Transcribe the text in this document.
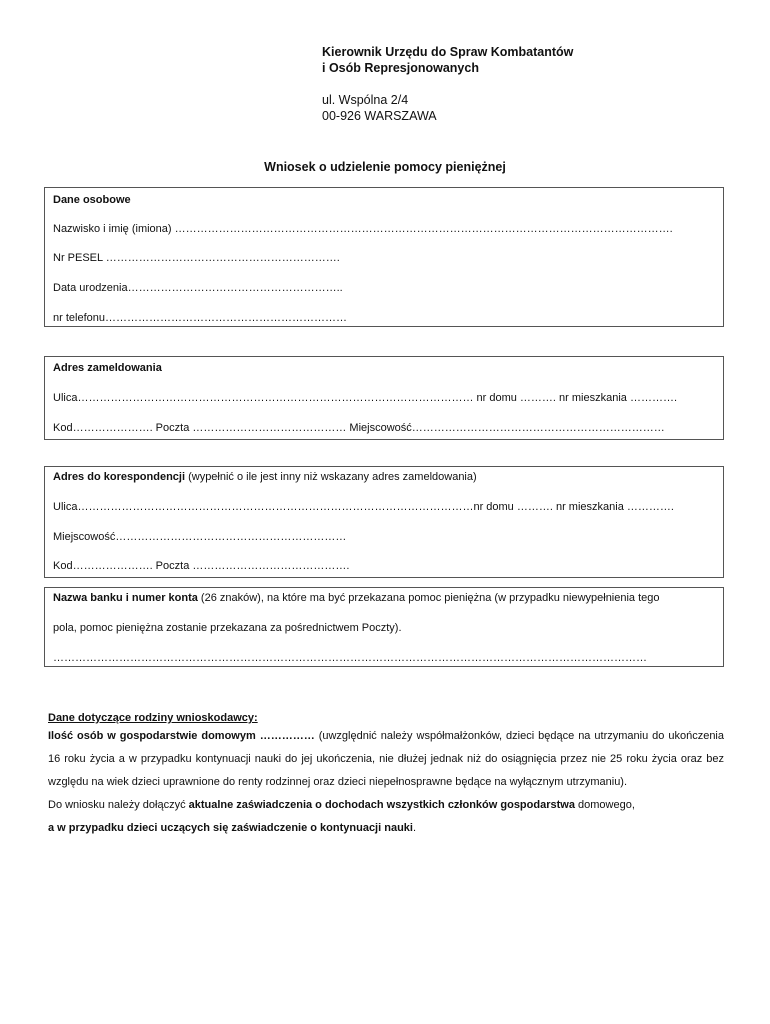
Kierownik Urzędu do Spraw Kombatantów
i Osób Represjonowanych
ul. Wspólna 2/4
00-926 WARSZAWA
Wniosek o udzielenie pomocy pieniężnej
Dane osobowe
Nazwisko i imię (imiona) ……………………………………………………………………………………………………………………….
Nr PESEL ……………………………………………………….
Data urodzenia…………………………………………………..
nr telefonu…………………………………………………………
Adres zameldowania
Ulica……………………………………………………………………………………………… nr domu ………. nr mieszkania ………….
Kod…………………. Poczta …………………………………… Miejscowość……………………………………………………………
Adres do korespondencji (wypełnić o ile jest inny niż wskazany adres zameldowania)
Ulica………………………………………………………………………………………………nr domu ………. nr mieszkania ………….
Miejscowość………………………………………………………
Kod…………………. Poczta …………………………………….
Nazwa banku i numer konta (26 znaków), na które ma być przekazana pomoc pieniężna (w przypadku niewypełnienia tego
pola, pomoc pieniężna zostanie przekazana za pośrednictwem Poczty).
………………………………………………………………………………………………………………………………………………
Dane dotyczące rodziny wnioskodawcy:

Ilość osób w gospodarstwie domowym …………… (uwzględnić należy współmałżonków, dzieci będące na utrzymaniu do ukończenia 16 roku życia a w przypadku kontynuacji nauki do jej ukończenia, nie dłużej jednak niż do osiągnięcia przez nie 25 roku życia oraz bez względu na wiek dzieci uprawnione do renty rodzinnej oraz dzieci niepełnosprawne będące na wyłącznym utrzymaniu).

Do wniosku należy dołączyć aktualne zaświadczenia o dochodach wszystkich członków gospodarstwa domowego,
a w przypadku dzieci uczących się zaświadczenie o kontynuacji nauki.
